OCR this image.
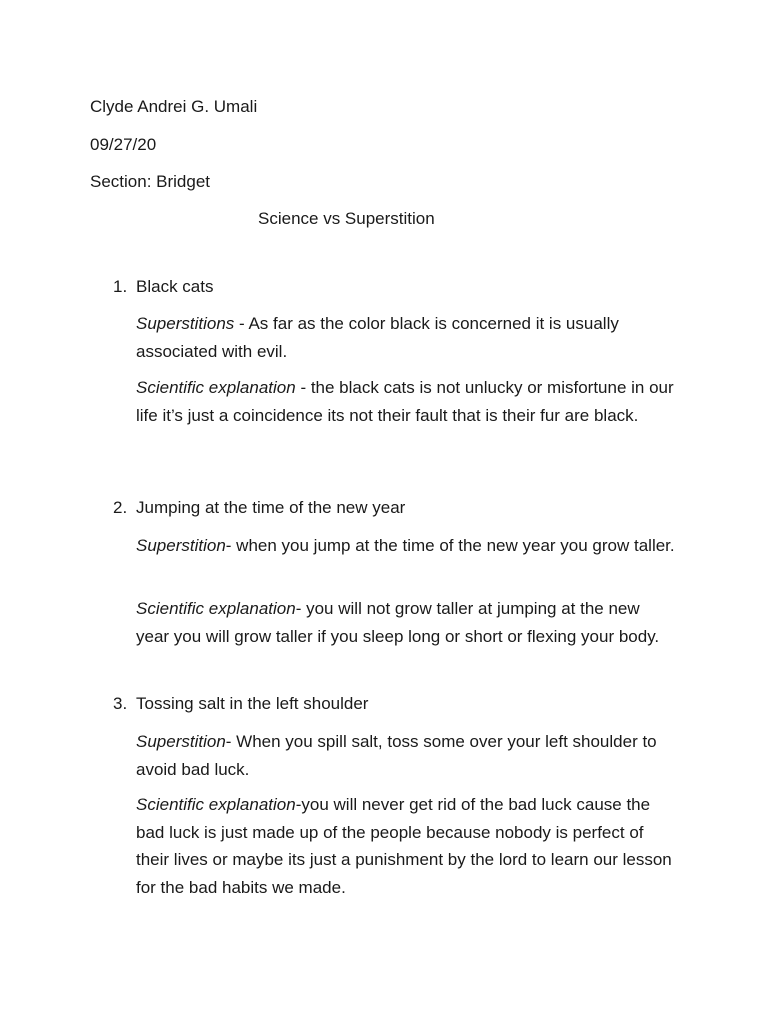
Clyde Andrei G. Umali

09/27/20

Section: Bridget

Science vs Superstition

1. Black cats

Superstitions - As far as the color black is concerned it is usually associated with evil.

Scientific explanation - the black cats is not unlucky or misfortune in our life it’s just a coincidence its not their fault that is their fur are black.

2. Jumping at the time of the new year

Superstition- when you jump at the time of the new year you grow taller.

Scientific explanation- you will not grow taller at jumping at the new year you will grow taller if you sleep long or short or flexing your body.

3. Tossing salt in the left shoulder

Superstition- When you spill salt, toss some over your left shoulder to avoid bad luck.

Scientific explanation-you will never get rid of the bad luck cause the bad luck is just made up of the people because nobody is perfect of their lives or maybe its just a punishment by the lord to learn our lesson for the bad habits we made.
